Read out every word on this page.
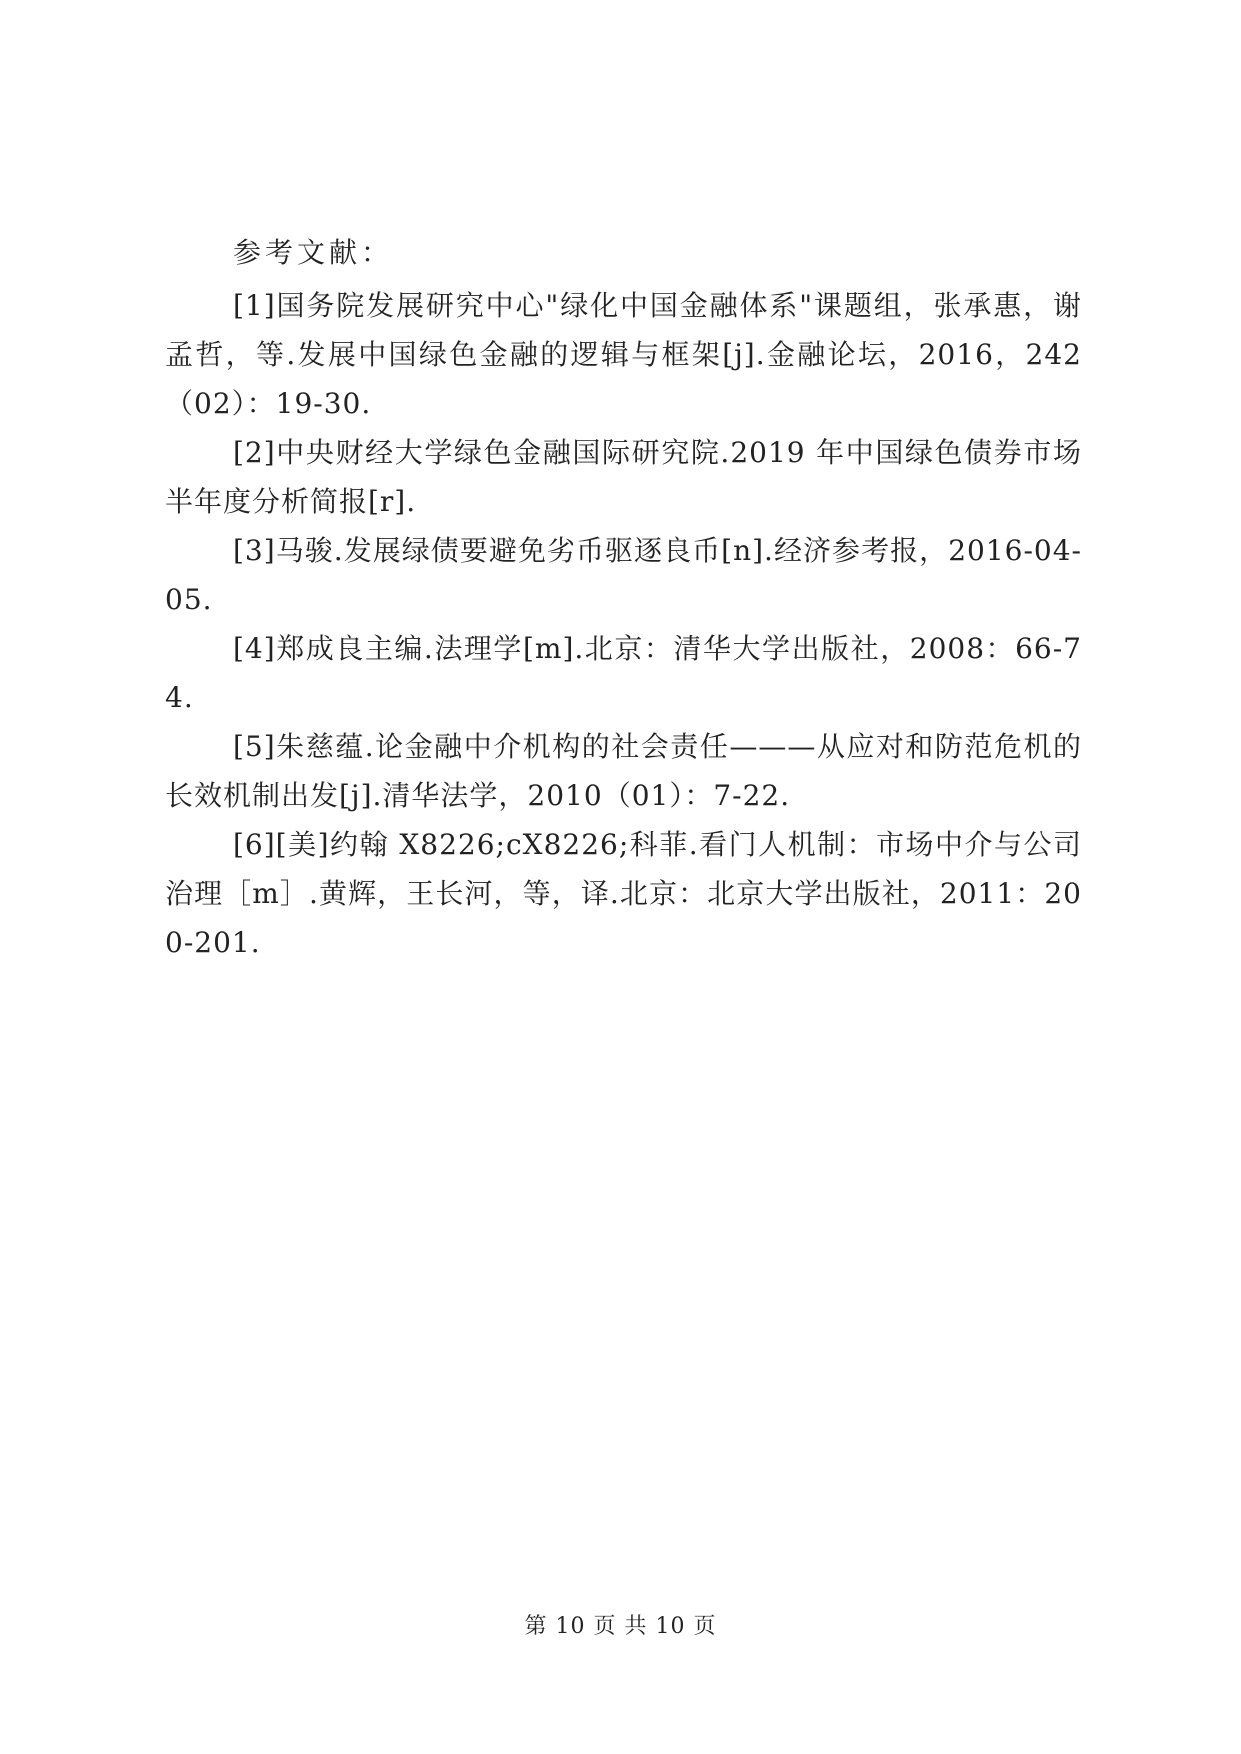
参考文献：

[1]国务院发展研究中心"绿化中国金融体系"课题组，张承惠，谢孟哲，等.发展中国绿色金融的逻辑与框架[j].金融论坛，2016，242（02）：19-30.

[2]中央财经大学绿色金融国际研究院.2019 年中国绿色债券市场半年度分析简报[r].

[3]马骏.发展绿债要避免劣币驱逐良币[n].经济参考报，2016-04-05.

[4]郑成良主编.法理学[m].北京：清华大学出版社，2008：66-74.

[5]朱慈蕴.论金融中介机构的社会责任———从应对和防范危机的长效机制出发[j].清华法学，2010（01）：7-22.

[6][美]约翰 X8226;cX8226;科菲.看门人机制：市场中介与公司治理［m］.黄辉，王长河，等，译.北京：北京大学出版社，2011：200-201.

第 10 页 共 10 页
